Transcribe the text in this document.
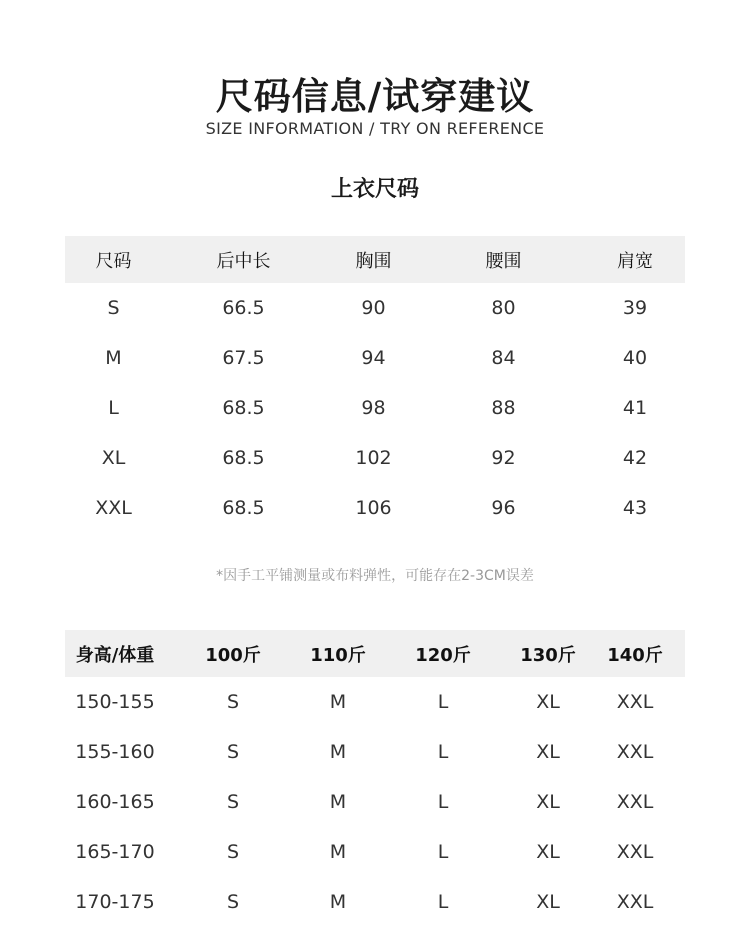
尺码信息/试穿建议
SIZE INFORMATION / TRY ON REFERENCE
上衣尺码
尺码	后中长	胸围	腰围	肩宽
S	66.5	90	80	39
M	67.5	94	84	40
L	68.5	98	88	41
XL	68.5	102	92	42
XXL	68.5	106	96	43
*因手工平铺测量或布料弹性，可能存在2-3CM误差
身高/体重	100斤	110斤	120斤	130斤	140斤
150-155	S	M	L	XL	XXL
155-160	S	M	L	XL	XXL
160-165	S	M	L	XL	XXL
165-170	S	M	L	XL	XXL
170-175	S	M	L	XL	XXL
